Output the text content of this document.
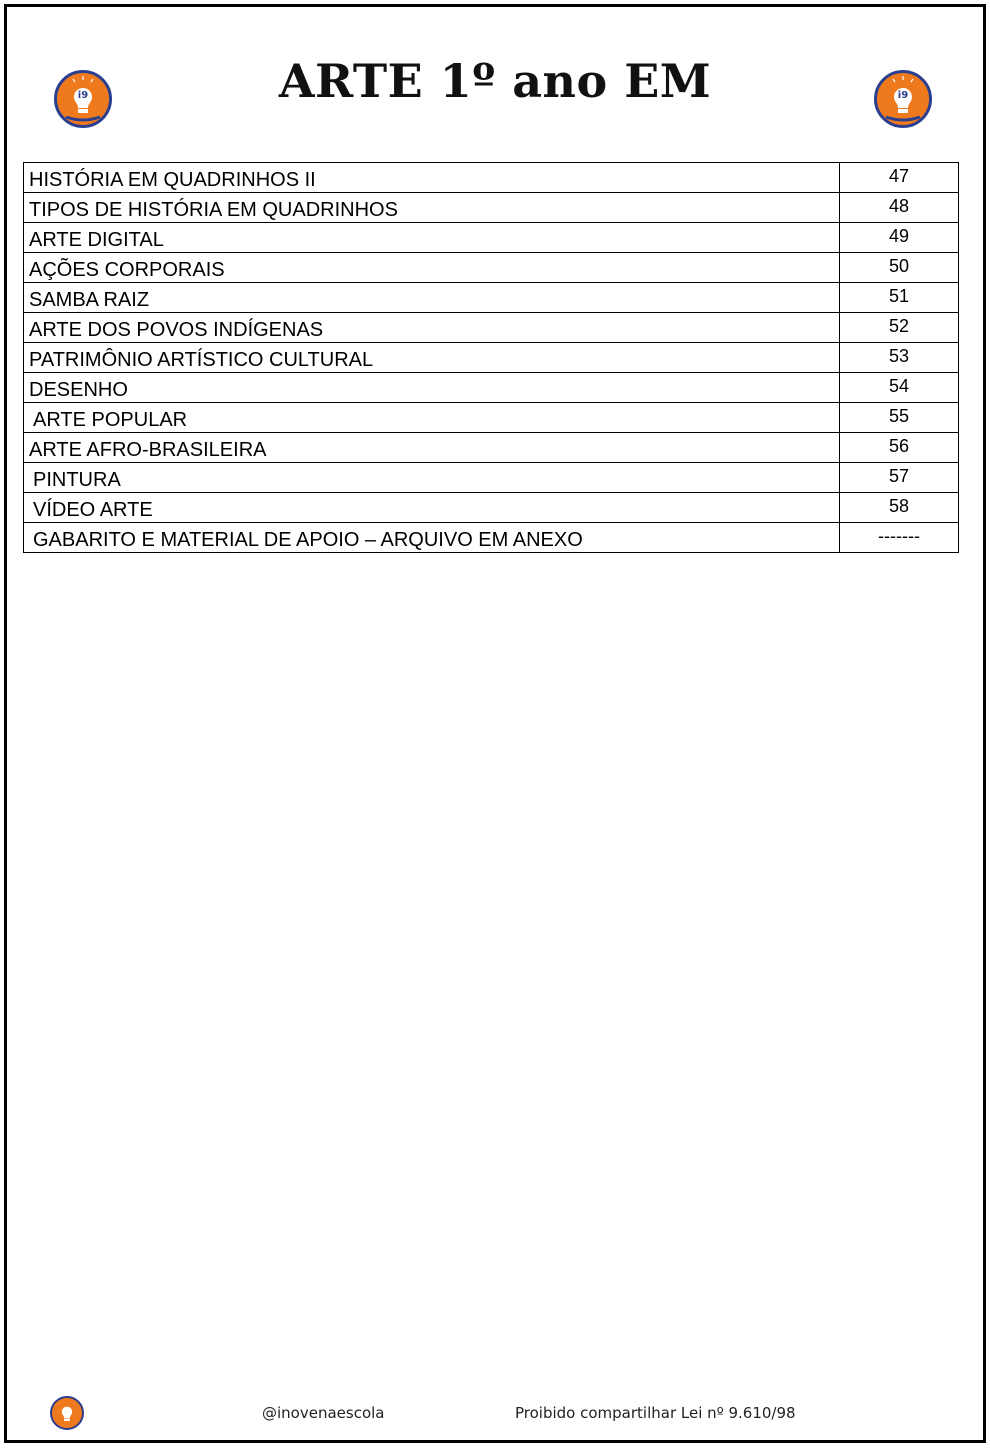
i9	i9
ARTE 1º ano EM
HISTÓRIA EM QUADRINHOS II	47
TIPOS DE HISTÓRIA EM QUADRINHOS	48
ARTE DIGITAL	49
AÇÕES CORPORAIS	50
SAMBA RAIZ	51
ARTE DOS POVOS INDÍGENAS	52
PATRIMÔNIO ARTÍSTICO CULTURAL	53
DESENHO	54
ARTE POPULAR	55
ARTE AFRO-BRASILEIRA	56
PINTURA	57
VÍDEO ARTE	58
GABARITO E MATERIAL DE APOIO – ARQUIVO EM ANEXO	-------
@inovenaescola	Proibido compartilhar Lei nº 9.610/98
